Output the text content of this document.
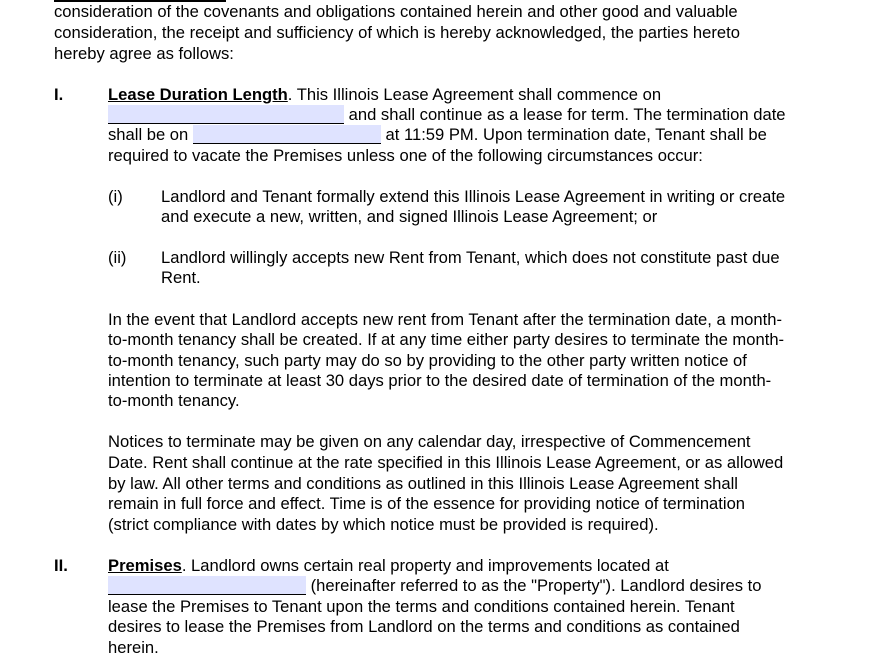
consideration of the covenants and obligations contained herein and other good and valuable
consideration, the receipt and sufficiency of which is hereby acknowledged, the parties hereto
hereby agree as follows:
I.	Lease Duration Length. This Illinois Lease Agreement shall commence on
and shall continue as a lease for term. The termination date
shall be on	at 11:59 PM. Upon termination date, Tenant shall be
required to vacate the Premises unless one of the following circumstances occur:
(i) Landlord and Tenant formally extend this Illinois Lease Agreement in writing or create
and execute a new, written, and signed Illinois Lease Agreement; or
(ii) Landlord willingly accepts new Rent from Tenant, which does not constitute past due
Rent.
In the event that Landlord accepts new rent from Tenant after the termination date, a month-
to-month tenancy shall be created. If at any time either party desires to terminate the month-
to-month tenancy, such party may do so by providing to the other party written notice of
intention to terminate at least 30 days prior to the desired date of termination of the month-
to-month tenancy.
Notices to terminate may be given on any calendar day, irrespective of Commencement
Date. Rent shall continue at the rate specified in this Illinois Lease Agreement, or as allowed
by law. All other terms and conditions as outlined in this Illinois Lease Agreement shall
remain in full force and effect. Time is of the essence for providing notice of termination
(strict compliance with dates by which notice must be provided is required).
II. Premises. Landlord owns certain real property and improvements located at
(hereinafter referred to as the "Property"). Landlord desires to
lease the Premises to Tenant upon the terms and conditions contained herein. Tenant
desires to lease the Premises from Landlord on the terms and conditions as contained
herein.
